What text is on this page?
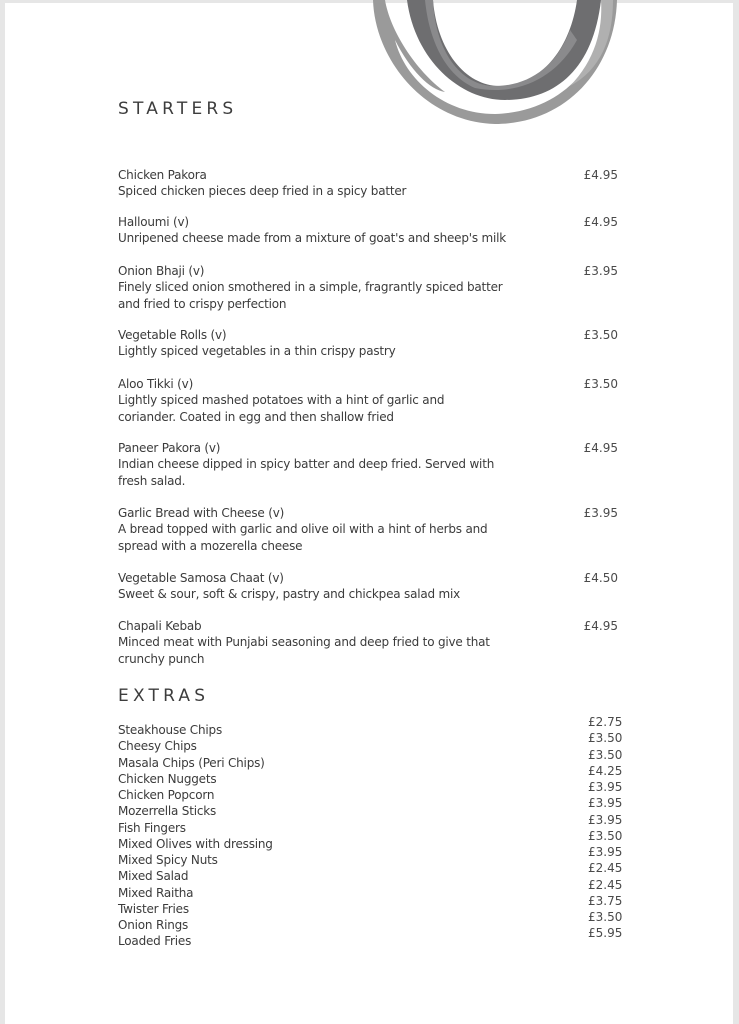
STARTERS
Chicken Pakora
Spiced chicken pieces deep fried in a spicy batter
£4.95
Halloumi (v)
Unripened cheese made from a mixture of goat's and sheep's milk
£4.95
Onion Bhaji (v)
Finely sliced onion smothered in a simple, fragrantly spiced batter and fried to crispy perfection
£3.95
Vegetable Rolls (v)
Lightly spiced vegetables in a thin crispy pastry
£3.50
Aloo Tikki (v)
Lightly spiced mashed potatoes with a hint of garlic and coriander. Coated in egg and then shallow fried
£3.50
Paneer Pakora (v)
Indian cheese dipped in spicy batter and deep fried. Served with fresh salad.
£4.95
Garlic Bread with Cheese (v)
A bread topped with garlic and olive oil with a hint of herbs and spread with a mozerella cheese
£3.95
Vegetable Samosa Chaat (v)
Sweet & sour, soft & crispy, pastry and chickpea salad mix
£4.50
Chapali Kebab
Minced meat with Punjabi seasoning and deep fried to give that crunchy punch
£4.95
EXTRAS
Steakhouse Chips
Cheesy Chips
Masala Chips (Peri Chips)
Chicken Nuggets
Chicken Popcorn
Mozerrella Sticks
Fish Fingers
Mixed Olives with dressing
Mixed Spicy Nuts
Mixed Salad
Mixed Raitha
Twister Fries
Onion Rings
Loaded Fries
£2.75
£3.50
£3.50
£4.25
£3.95
£3.95
£3.95
£3.50
£3.95
£2.45
£2.45
£3.75
£3.50
£5.95
